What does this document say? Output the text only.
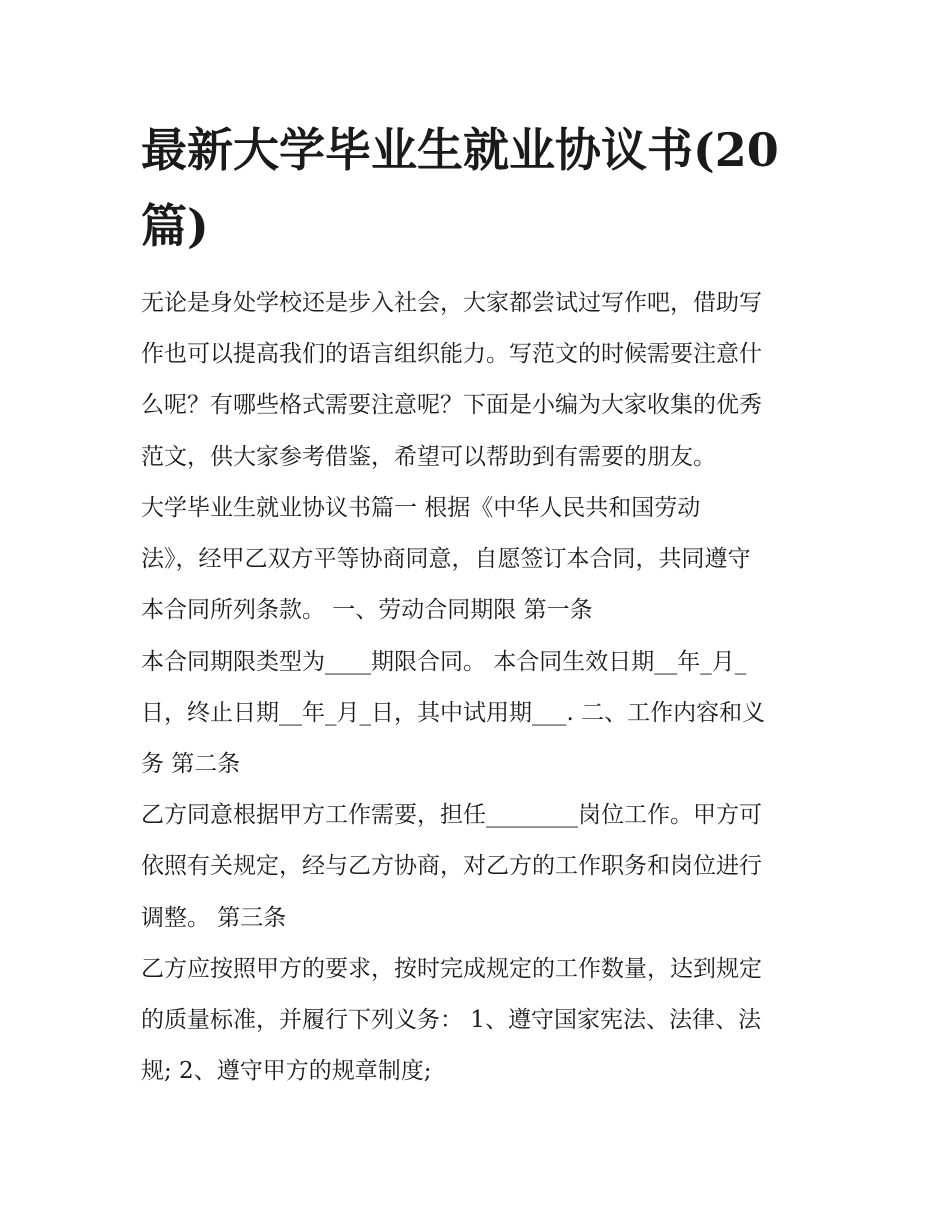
最新大学毕业生就业协议书(20
篇)
无论是身处学校还是步入社会，大家都尝试过写作吧，借助写
作也可以提高我们的语言组织能力。写范文的时候需要注意什
么呢？有哪些格式需要注意呢？下面是小编为大家收集的优秀
范文，供大家参考借鉴，希望可以帮助到有需要的朋友。
大学毕业生就业协议书篇一 根据《中华人民共和国劳动
法》，经甲乙双方平等协商同意，自愿签订本合同，共同遵守
本合同所列条款。 一、劳动合同期限 第一条
本合同期限类型为____期限合同。 本合同生效日期__年_月_
日，终止日期__年_月_日，其中试用期___. 二、工作内容和义
务 第二条
乙方同意根据甲方工作需要，担任________岗位工作。甲方可
依照有关规定，经与乙方协商，对乙方的工作职务和岗位进行
调整。 第三条
乙方应按照甲方的要求，按时完成规定的工作数量，达到规定
的质量标准，并履行下列义务： 1、遵守国家宪法、法律、法
规; 2、遵守甲方的规章制度;
